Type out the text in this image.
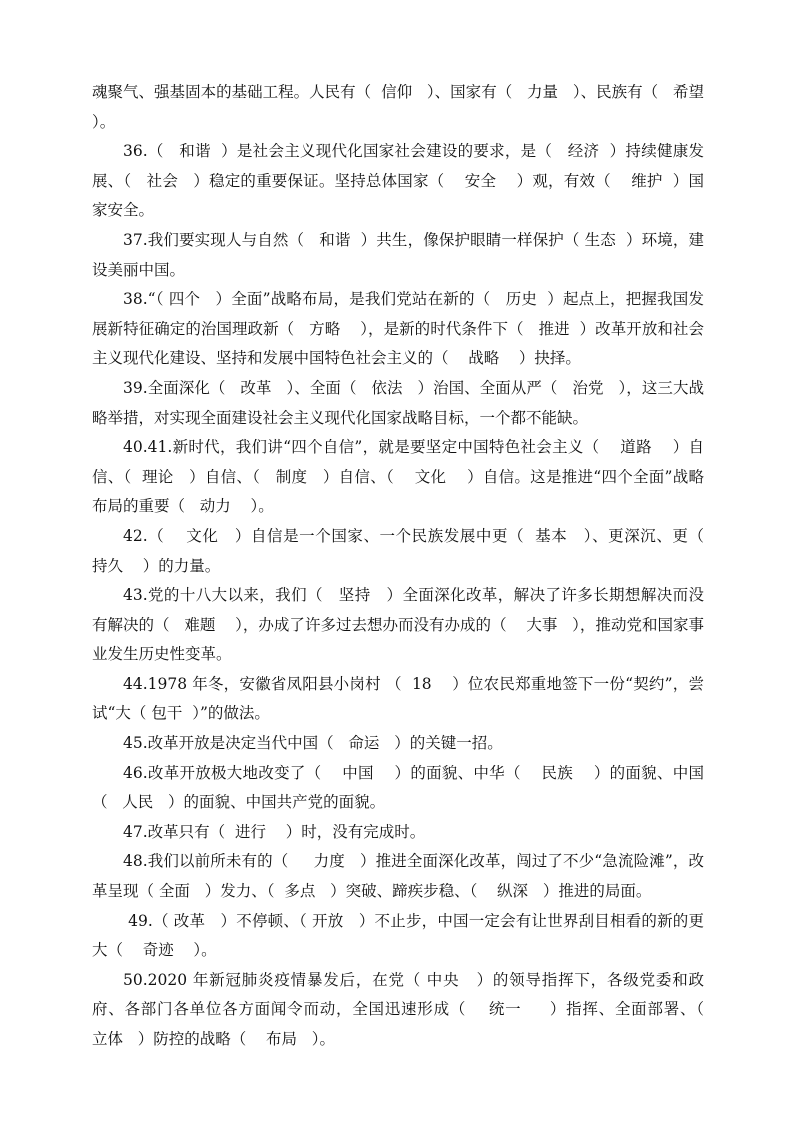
魂聚气、强基固本的基础工程。人民有（  信仰   ）、国家有（   力量   ）、民族有（   希望  ）。

36.（   和谐  ）是社会主义现代化国家社会建设的要求，是（   经济  ）持续健康发展、（   社会   ）稳定的重要保证。坚持总体国家（    安全    ）观，有效（    维护  ）国家安全。

37.我们要实现人与自然（   和谐  ）共生，像保护眼睛一样保护（ 生态  ）环境，建设美丽中国。

38.“（ 四个   ）全面”战略布局，是我们党站在新的（   历史  ）起点上，把握我国发展新特征确定的治国理政新（   方略    ），是新的时代条件下（   推进  ）改革开放和社会主义现代化建设、坚持和发展中国特色社会主义的（    战略    ）抉择。

39.全面深化（   改革   ）、全面（   依法   ）治国、全面从严（   治党   ），这三大战略举措，对实现全面建设社会主义现代化国家战略目标，一个都不能缺。

40.41.新时代，我们讲“四个自信”，就是要坚定中国特色社会主义（    道路    ）自信、（  理论   ）自信、（   制度   ）自信、（    文化    ）自信。这是推进“四个全面”战略布局的重要（   动力    ）。

42.（    文化   ）自信是一个国家、一个民族发展中更（  基本   ）、更深沉、更（   持久    ）的力量。

43.党的十八大以来，我们（   坚持   ）全面深化改革，解决了许多长期想解决而没有解决的（   难题    ），办成了许多过去想办而没有办成的（    大事   ），推动党和国家事业发生历史性变革。

44.1978 年冬，安徽省凤阳县小岗村 （  18    ）位农民郑重地签下一份“契约”，尝试“大（ 包干  ）”的做法。

45.改革开放是决定当代中国（   命运   ）的关键一招。

46.改革开放极大地改变了（    中国    ）的面貌、中华（    民族    ）的面貌、中国（   人民   ）的面貌、中国共产党的面貌。

47.改革只有（  进行    ）时，没有完成时。

48.我们以前所未有的（     力度   ）推进全面深化改革，闯过了不少“急流险滩”，改革呈现（ 全面   ）发力、（  多点   ）突破、蹄疾步稳、（    纵深   ）推进的局面。

49.（ 改革   ）不停顿、（ 开放   ）不止步，中国一定会有让世界刮目相看的新的更大（    奇迹    ）。

50.2020 年新冠肺炎疫情暴发后，在党（ 中央   ）的领导指挥下，各级党委和政府、各部门各单位各方面闻令而动，全国迅速形成（    统一     ）指挥、全面部署、（     立体   ）防控的战略（    布局   ）。
